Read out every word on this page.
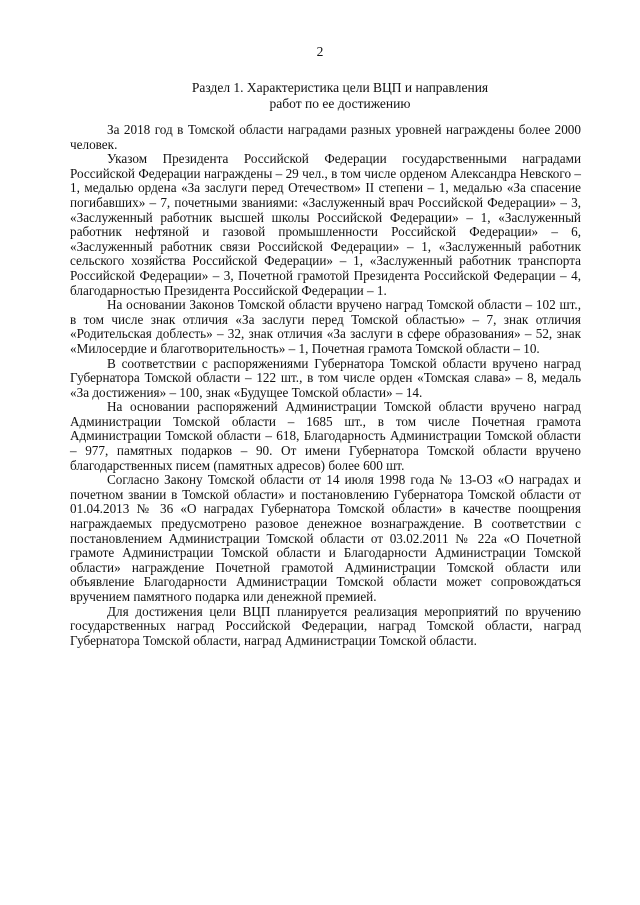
2
Раздел 1. Характеристика цели ВЦП и направления
работ по ее достижению

За 2018 год в Томской области наградами разных уровней награждены более 2000 человек.

Указом Президента Российской Федерации государственными наградами Российской Федерации награждены – 29 чел., в том числе орденом Александра Невского – 1, медалью ордена «За заслуги перед Отечеством» II степени – 1, медалью «За спасение погибавших» – 7, почетными званиями: «Заслуженный врач Российской Федерации» – 3, «Заслуженный работник высшей школы Российской Федерации» – 1, «Заслуженный работник нефтяной и газовой промышленности Российской Федерации» – 6, «Заслуженный работник связи Российской Федерации» – 1, «Заслуженный работник сельского хозяйства Российской Федерации» – 1, «Заслуженный работник транспорта Российской Федерации» – 3, Почетной грамотой Президента Российской Федерации – 4, благодарностью Президента Российской Федерации – 1.

На основании Законов Томской области вручено наград Томской области – 102 шт., в том числе знак отличия «За заслуги перед Томской областью» – 7, знак отличия «Родительская доблесть» – 32, знак отличия «За заслуги в сфере образования» – 52, знак «Милосердие и благотворительность» – 1, Почетная грамота Томской области – 10.

В соответствии с распоряжениями Губернатора Томской области вручено наград Губернатора Томской области – 122 шт., в том числе орден «Томская слава» – 8, медаль «За достижения» – 100, знак «Будущее Томской области» – 14.

На основании распоряжений Администрации Томской области вручено наград Администрации Томской области – 1685 шт., в том числе Почетная грамота Администрации Томской области – 618, Благодарность Администрации Томской области – 977, памятных подарков – 90. От имени Губернатора Томской области вручено благодарственных писем (памятных адресов) более 600 шт.

Согласно Закону Томской области от 14 июля 1998 года № 13-ОЗ «О наградах и почетном звании в Томской области» и постановлению Губернатора Томской области от 01.04.2013 № 36 «О наградах Губернатора Томской области» в качестве поощрения награждаемых предусмотрено разовое денежное вознаграждение. В соответствии с постановлением Администрации Томской области от 03.02.2011 № 22а «О Почетной грамоте Администрации Томской области и Благодарности Администрации Томской области» награждение Почетной грамотой Администрации Томской области или объявление Благодарности Администрации Томской области может сопровождаться вручением памятного подарка или денежной премией.

Для достижения цели ВЦП планируется реализация мероприятий по вручению государственных наград Российской Федерации, наград Томской области, наград Губернатора Томской области, наград Администрации Томской области.
